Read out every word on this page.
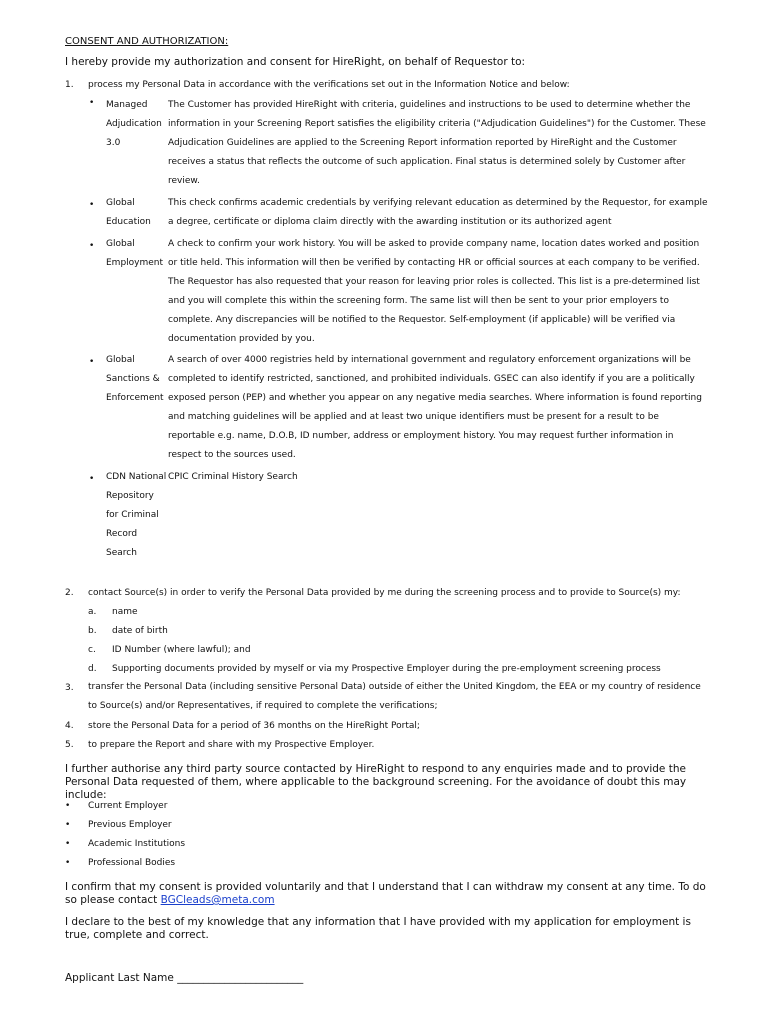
CONSENT AND AUTHORIZATION:
I hereby provide my authorization and consent for HireRight, on behalf of Requestor to:
1. process my Personal Data in accordance with the verifications set out in the Information Notice and below:
• Managed Adjudication 3.0
The Customer has provided HireRight with criteria, guidelines and instructions to be used to determine whether the information in your Screening Report satisfies the eligibility criteria ("Adjudication Guidelines") for the Customer. These Adjudication Guidelines are applied to the Screening Report information reported by HireRight and the Customer receives a status that reflects the outcome of such application. Final status is determined solely by Customer after review.
• Global Education
This check confirms academic credentials by verifying relevant education as determined by the Requestor, for example a degree, certificate or diploma claim directly with the awarding institution or its authorized agent
• Global Employment
A check to confirm your work history. You will be asked to provide company name, location dates worked and position or title held. This information will then be verified by contacting HR or official sources at each company to be verified. The Requestor has also requested that your reason for leaving prior roles is collected. This list is a pre-determined list and you will complete this within the screening form. The same list will then be sent to your prior employers to complete. Any discrepancies will be notified to the Requestor. Self-employment (if applicable) will be verified via documentation provided by you.
• Global Sanctions & Enforcement
A search of over 4000 registries held by international government and regulatory enforcement organizations will be completed to identify restricted, sanctioned, and prohibited individuals. GSEC can also identify if you are a politically exposed person (PEP) and whether you appear on any negative media searches. Where information is found reporting and matching guidelines will be applied and at least two unique identifiers must be present for a result to be reportable e.g. name, D.O.B, ID number, address or employment history. You may request further information in respect to the sources used.
• CDN National Repository for Criminal Record Search
CPIC Criminal History Search
2. contact Source(s) in order to verify the Personal Data provided by me during the screening process and to provide to Source(s) my:
a. name
b. date of birth
c. ID Number (where lawful); and
d. Supporting documents provided by myself or via my Prospective Employer during the pre-employment screening process
3. transfer the Personal Data (including sensitive Personal Data) outside of either the United Kingdom, the EEA or my country of residence to Source(s) and/or Representatives, if required to complete the verifications;
4. store the Personal Data for a period of 36 months on the HireRight Portal;
5. to prepare the Report and share with my Prospective Employer.
I further authorise any third party source contacted by HireRight to respond to any enquiries made and to provide the Personal Data requested of them, where applicable to the background screening. For the avoidance of doubt this may include:
• Current Employer
• Previous Employer
• Academic Institutions
• Professional Bodies
I confirm that my consent is provided voluntarily and that I understand that I can withdraw my consent at any time. To do so please contact BGCleads@meta.com
I declare to the best of my knowledge that any information that I have provided with my application for employment is true, complete and correct.
Applicant Last Name ________________________
